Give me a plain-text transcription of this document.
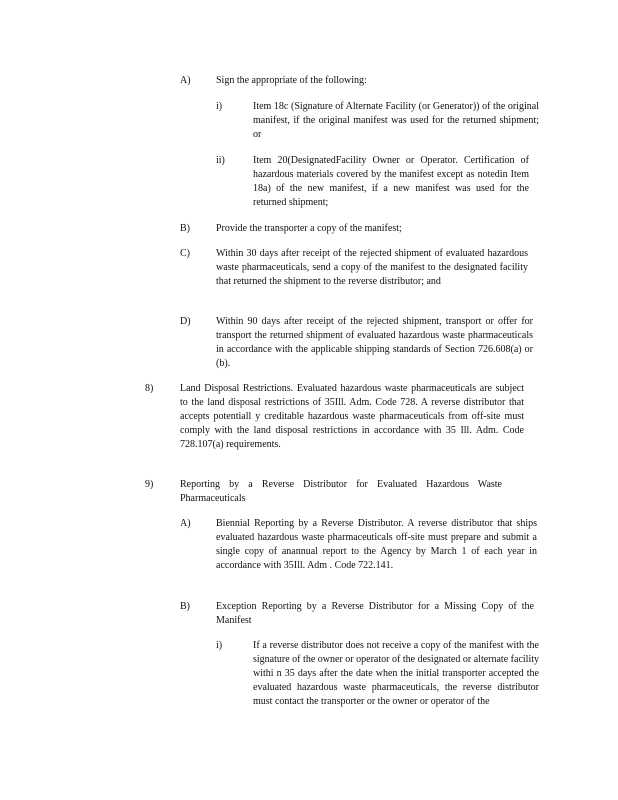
A)	Sign the appropriate of the following:

i)	Item 18c (Signature of Alternate Facility (or Generator)) of the original manifest, if the original manifest was used for the returned shipment; or

ii)	Item 20(DesignatedFacility Owner or Operator. Certification of hazardous materials covered by the manifest except as notedin Item 18a) of the new manifest, if a new manifest was used for the returned shipment;

B)	Provide the transporter a copy of the manifest;

C)	Within 30 days after receipt of the rejected shipment of evaluated hazardous waste pharmaceuticals, send a copy of the manifest to the designated facility that returned the shipment to the reverse distributor; and

D)	Within 90 days after receipt of the rejected shipment, transport or offer for transport the returned shipment of evaluated hazardous waste pharmaceuticals in accordance with the applicable shipping standards of Section 726.608(a) or (b).

8)	Land Disposal Restrictions. Evaluated hazardous waste pharmaceuticals are subject to the land disposal restrictions of 35Ill. Adm. Code 728. A reverse distributor that accepts potentiall y creditable hazardous waste pharmaceuticals from off-site must comply with the land disposal restrictions in accordance with 35 Ill. Adm. Code 728.107(a) requirements.

9)	Reporting by a Reverse Distributor for Evaluated Hazardous Waste Pharmaceuticals

A)	Biennial Reporting by a Reverse Distributor. A reverse distributor that ships evaluated hazardous waste pharmaceuticals off-site must prepare and submit a single copy of anannual report to the Agency by March 1 of each year in accordance with 35Ill. Adm . Code 722.141.

B)	Exception Reporting by a Reverse Distributor for a Missing Copy of the Manifest

i)	If a reverse distributor does not receive a copy of the manifest with the signature of the owner or operator of the designated or alternate facility withi n 35 days after the date when the initial transporter accepted the evaluated hazardous waste pharmaceuticals, the reverse distributor must contact the transporter or the owner or operator of the
